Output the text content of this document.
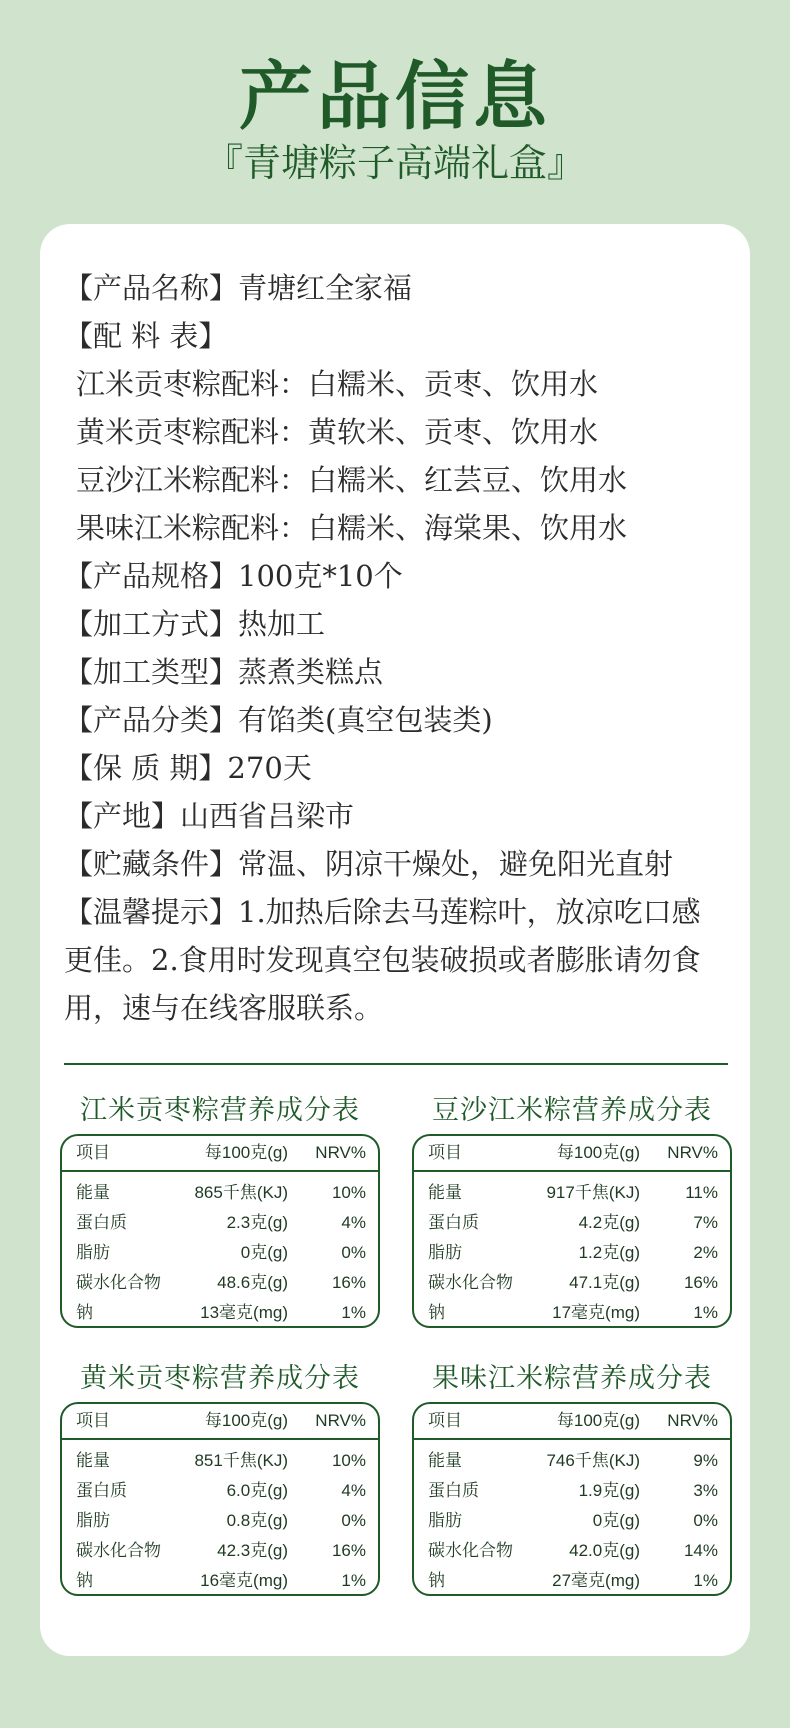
产品信息
『青塘粽子高端礼盒』
【产品名称】青塘红全家福
【配 料 表】
江米贡枣粽配料：白糯米、贡枣、饮用水
黄米贡枣粽配料：黄软米、贡枣、饮用水
豆沙江米粽配料：白糯米、红芸豆、饮用水
果味江米粽配料：白糯米、海棠果、饮用水
【产品规格】100克*10个
【加工方式】热加工
【加工类型】蒸煮类糕点
【产品分类】有馅类(真空包装类)
【保 质 期】270天
【产地】山西省吕梁市
【贮藏条件】常温、阴凉干燥处，避免阳光直射
【温馨提示】1.加热后除去马莲粽叶，放凉吃口感更佳。2.食用时发现真空包装破损或者膨胀请勿食用，速与在线客服联系。
江米贡枣粽营养成分表
项目	每100克(g)	NRV%
能量	865千焦(KJ)	10%
蛋白质	2.3克(g)	4%
脂肪	0克(g)	0%
碳水化合物	48.6克(g)	16%
钠	13毫克(mg)	1%
豆沙江米粽营养成分表
项目	每100克(g)	NRV%
能量	917千焦(KJ)	11%
蛋白质	4.2克(g)	7%
脂肪	1.2克(g)	2%
碳水化合物	47.1克(g)	16%
钠	17毫克(mg)	1%
黄米贡枣粽营养成分表
项目	每100克(g)	NRV%
能量	851千焦(KJ)	10%
蛋白质	6.0克(g)	4%
脂肪	0.8克(g)	0%
碳水化合物	42.3克(g)	16%
钠	16毫克(mg)	1%
果味江米粽营养成分表
项目	每100克(g)	NRV%
能量	746千焦(KJ)	9%
蛋白质	1.9克(g)	3%
脂肪	0克(g)	0%
碳水化合物	42.0克(g)	14%
钠	27毫克(mg)	1%
